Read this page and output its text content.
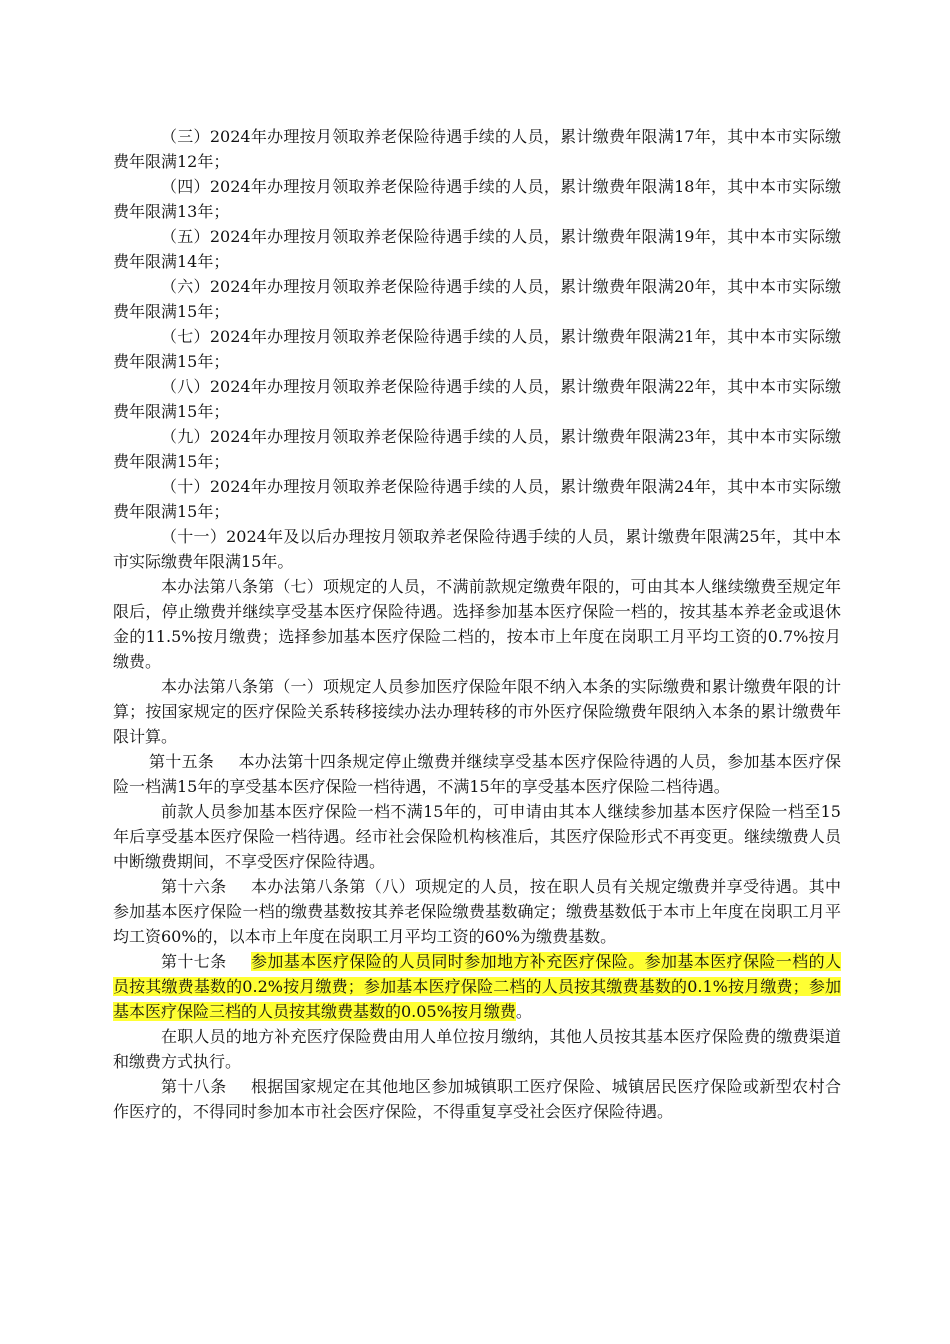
（三）2024年办理按月领取养老保险待遇手续的人员，累计缴费年限满17年，其中本市实际缴费年限满12年；

（四）2024年办理按月领取养老保险待遇手续的人员，累计缴费年限满18年，其中本市实际缴费年限满13年；

（五）2024年办理按月领取养老保险待遇手续的人员，累计缴费年限满19年，其中本市实际缴费年限满14年；

（六）2024年办理按月领取养老保险待遇手续的人员，累计缴费年限满20年，其中本市实际缴费年限满15年；

（七）2024年办理按月领取养老保险待遇手续的人员，累计缴费年限满21年，其中本市实际缴费年限满15年；

（八）2024年办理按月领取养老保险待遇手续的人员，累计缴费年限满22年，其中本市实际缴费年限满15年；

（九）2024年办理按月领取养老保险待遇手续的人员，累计缴费年限满23年，其中本市实际缴费年限满15年；

（十）2024年办理按月领取养老保险待遇手续的人员，累计缴费年限满24年，其中本市实际缴费年限满15年；

（十一）2024年及以后办理按月领取养老保险待遇手续的人员，累计缴费年限满25年，其中本市实际缴费年限满15年。

本办法第八条第（七）项规定的人员，不满前款规定缴费年限的，可由其本人继续缴费至规定年限后，停止缴费并继续享受基本医疗保险待遇。选择参加基本医疗保险一档的，按其基本养老金或退休金的11.5%按月缴费；选择参加基本医疗保险二档的，按本市上年度在岗职工月平均工资的0.7%按月缴费。

本办法第八条第（一）项规定人员参加医疗保险年限不纳入本条的实际缴费和累计缴费年限的计算；按国家规定的医疗保险关系转移接续办法办理转移的市外医疗保险缴费年限纳入本条的累计缴费年限计算。

第十五条 本办法第十四条规定停止缴费并继续享受基本医疗保险待遇的人员，参加基本医疗保险一档满15年的享受基本医疗保险一档待遇，不满15年的享受基本医疗保险二档待遇。

前款人员参加基本医疗保险一档不满15年的，可申请由其本人继续参加基本医疗保险一档至15年后享受基本医疗保险一档待遇。经市社会保险机构核准后，其医疗保险形式不再变更。继续缴费人员中断缴费期间，不享受医疗保险待遇。

第十六条 本办法第八条第（八）项规定的人员，按在职人员有关规定缴费并享受待遇。其中参加基本医疗保险一档的缴费基数按其养老保险缴费基数确定；缴费基数低于本市上年度在岗职工月平均工资60%的，以本市上年度在岗职工月平均工资的60%为缴费基数。

第十七条 参加基本医疗保险的人员同时参加地方补充医疗保险。参加基本医疗保险一档的人员按其缴费基数的0.2%按月缴费；参加基本医疗保险二档的人员按其缴费基数的0.1%按月缴费；参加基本医疗保险三档的人员按其缴费基数的0.05%按月缴费。

在职人员的地方补充医疗保险费由用人单位按月缴纳，其他人员按其基本医疗保险费的缴费渠道和缴费方式执行。

第十八条 根据国家规定在其他地区参加城镇职工医疗保险、城镇居民医疗保险或新型农村合作医疗的，不得同时参加本市社会医疗保险，不得重复享受社会医疗保险待遇。
